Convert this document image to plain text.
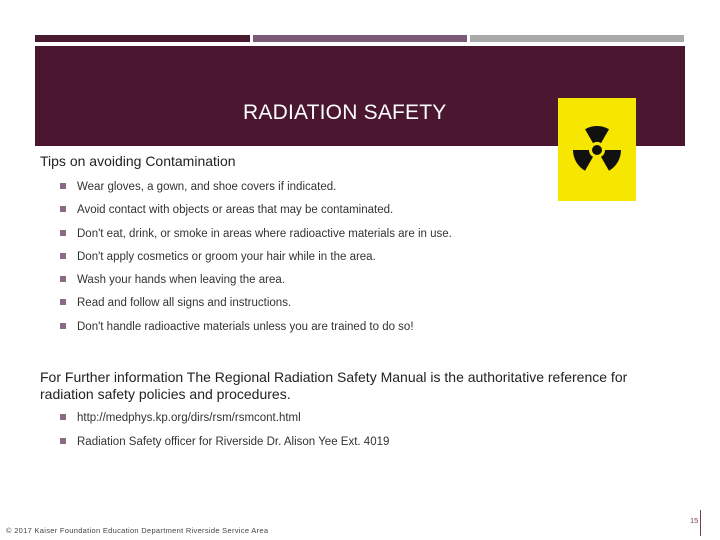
RADIATION SAFETY
Tips on avoiding Contamination
Wear gloves, a gown, and shoe covers if indicated.
Avoid contact with objects or areas that may be contaminated.
Don't eat, drink, or smoke in areas where radioactive materials are in use.
Don't apply cosmetics or groom your hair while in the area.
Wash your hands when leaving the area.
Read and follow all signs and instructions.
Don't handle radioactive materials unless you are trained to do so!
For Further information The Regional Radiation Safety Manual is the authoritative reference for radiation safety policies and procedures.
http://medphys.kp.org/dirs/rsm/rsmcont.html
Radiation Safety officer for Riverside Dr. Alison Yee Ext. 4019
© 2017 Kaiser Foundation Education Department Riverside Service Area
15
